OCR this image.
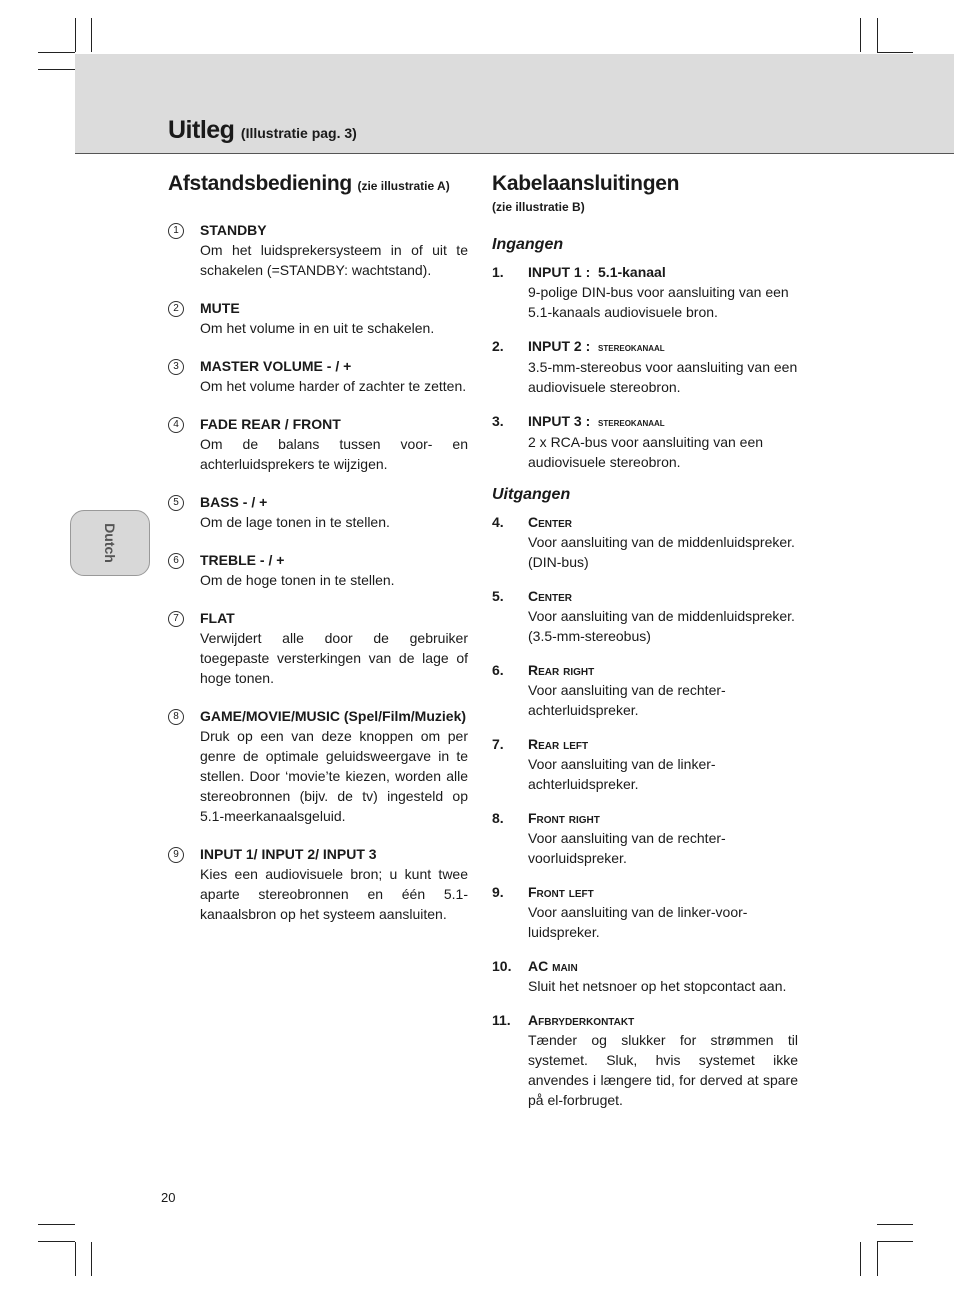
Uitleg (Illustratie pag. 3)
Dutch
Afstandsbediening (zie illustratie A)
1	STANDBY
Om het luidsprekersysteem in of uit te schakelen (=STANDBY: wachtstand).
2	MUTE
Om het volume in en uit te schakelen.
3	MASTER VOLUME - / +
Om het volume harder of zachter te zetten.
4	FADE REAR / FRONT
Om de balans tussen voor- en achterluidsprekers te wijzigen.
5	BASS - / +
Om de lage tonen in te stellen.
6	TREBLE - / +
Om de hoge tonen in te stellen.
7	FLAT
Verwijdert alle door de gebruiker toegepaste versterkingen van de lage of hoge tonen.
8	GAME/MOVIE/MUSIC (Spel/Film/Muziek)
Druk op een van deze knoppen om per genre de optimale geluidsweergave in te stellen. Door ‘movie’te kiezen, worden alle stereobronnen (bijv. de tv) ingesteld op 5.1-meerkanaalsgeluid.
9	INPUT 1/ INPUT 2/ INPUT 3
Kies een audiovisuele bron; u kunt twee aparte stereobronnen en één 5.1-kanaalsbron op het systeem aansluiten.
Kabelaansluitingen
(zie illustratie B)
Ingangen
1.	INPUT 1 : 5.1-kanaal
9-polige DIN-bus voor aansluiting van een 5.1-kanaals audiovisuele bron.
2.	INPUT 2 : stereokanaal
3.5-mm-stereobus voor aansluiting van een audiovisuele stereobron.
3.	INPUT 3 : stereokanaal
2 x RCA-bus voor aansluiting van een audiovisuele stereobron.
Uitgangen
4.	Center
Voor aansluiting van de middenluidspreker. (DIN-bus)
5.	Center
Voor aansluiting van de middenluidspreker. (3.5-mm-stereobus)
6.	Rear right
Voor aansluiting van de rechter-achterluidspreker.
7.	Rear left
Voor aansluiting van de linker-achterluidspreker.
8.	Front right
Voor aansluiting van de rechter-voorluidspreker.
9.	Front left
Voor aansluiting van de linker-voor-luidspreker.
10. AC main
Sluit het netsnoer op het stopcontact aan.
11. Afbryderkontakt
Tænder og slukker for strømmen til systemet. Sluk, hvis systemet ikke anvendes i længere tid, for derved at spare på el-forbruget.
20
